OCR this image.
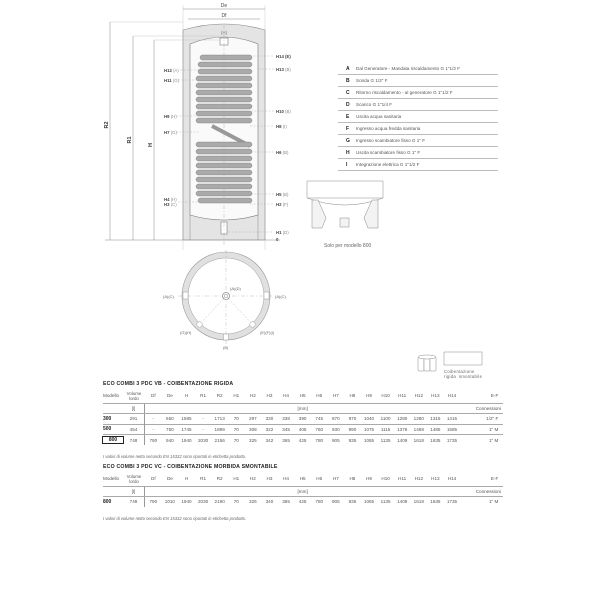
De
Df
(A)
R2
R1
H
H12 (A)
H11 (G)
H9 (H)
H7 (G)
H4 (H)
H3 (C)
H14 (E)
H13 (B)
H10 (B)
H8 (I)
H6 (B)
H5 (B)
H2 (F)
H1 (D)
0
(A)(D)
(A)(C)	(A)(C)
(G)(H)	(E)(F)(I)
(B)
Solo per modello 800
A	Dal Generatore - Mandata riscaldamento G 1"1/2 F
B	Sonda G 1/2" F
C	Ritorno riscaldamento - al generatore G 1"1/2 F
D	Scarico G 1"1/4 F
E	Uscita acqua sanitaria
F	Ingresso acqua fredda sanitaria
G	Ingresso scambiatore fisso G 1" F
H	Uscita scambiatore fisso G 1" F
I	Integrazione elettrica G 1"1/2 F
Coibentazione
rigida smontabile
ECO COMBI 3 PDC VB - COIBENTAZIONE RIGIDA
Modello	Volume lordo	Df	De	H	R1	R2	H1	H2	H3	H4	H5	H6	H7	H8	H9	H10	H11	H12	H13	H14	E-F
[l]	[mm]	Connessioni
300	291	-	650	1585	-	1713	70	297	330	338	390	745	870	970	1040	1100	1280	1280	1315	1415	1/2" F
500	454	-	750	1745	-	1899	70	308	322	345	405	760	930	990	1075	1115	1376	1468	1485	1585	1" M
800	748	790	940	1940	2030	2156	70	325	342	365	425	780	905	935	1065	1135	1409	1618	1635	1735	1" M
I valori di volume netto secondo EN 15332 sono riportati in etichetta prodotto.
ECO COMBI 3 PDC VC - COIBENTAZIONE MORBIDA SMONTABILE
Modello	Volume lordo	Df	De	H	R1	R2	H1	H2	H3	H4	H5	H6	H7	H8	H9	H10	H11	H12	H13	H14	E-F
[l]	[mm]	Connessioni
800	748	790	1010	1940	2030	2190	70	325	340	365	425	780	905	935	1065	1135	1409	1618	1635	1735	1" M
I valori di volume netto secondo EN 15332 sono riportati in etichetta prodotto.
